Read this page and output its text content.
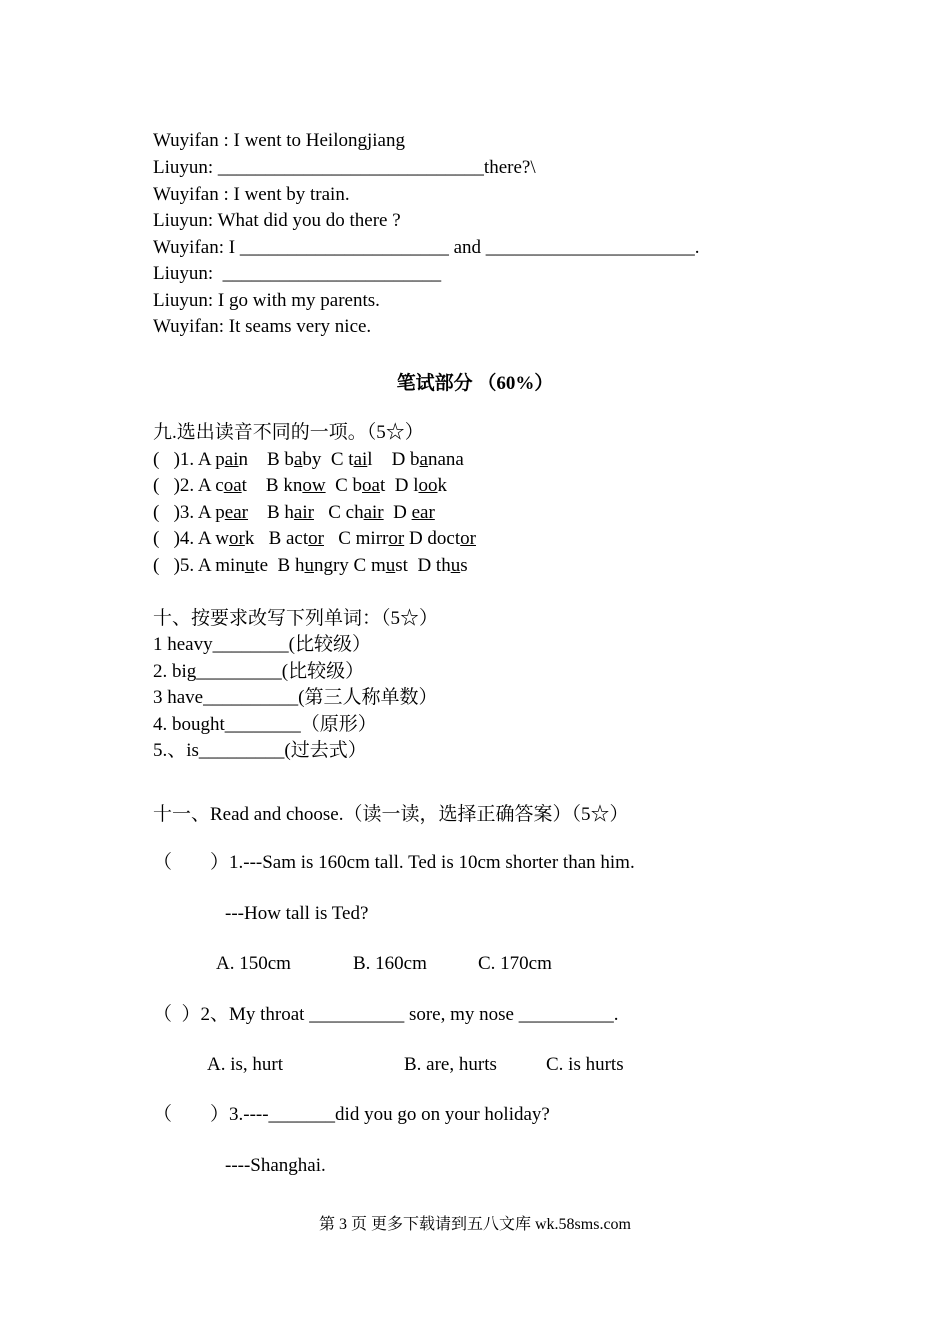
Wuyifan : I went to Heilongjiang
Liuyun: ____________________________there?\
Wuyifan : I went by train.
Liuyun: What did you do there ?
Wuyifan: I ______________________ and ______________________.
Liuyun:  _______________________
Liuyun: I go with my parents.
Wuyifan: It seams very nice.
笔试部分 （60%）
九.选出读音不同的一项。（5☆）
(   )1. A pain    B baby  C tail    D banana
(   )2. A coat    B know  C boat  D look
(   )3. A pear    B hair   C chair  D ear
(   )4. A work   B actor   C mirror D doctor
(   )5. A minute  B hungry C must  D thus
十、按要求改写下列单词：（5☆）
1 heavy________(比较级）
2. big_________(比较级）
3 have__________(第三人称单数）
4. bought________（原形）
5.、is_________(过去式）
十一、Read and choose.（读一读，选择正确答案）（5☆）
（        ）1.---Sam is 160cm tall. Ted is 10cm shorter than him.
---How tall is Ted?
A. 150cm	B. 160cm	C. 170cm
（  ）2、My throat __________ sore, my nose __________.
A. is, hurt	B. are, hurts	C. is hurts
（        ）3.----_______did you go on your holiday?
----Shanghai.
第 3 页 更多下载请到五八文库 wk.58sms.com
